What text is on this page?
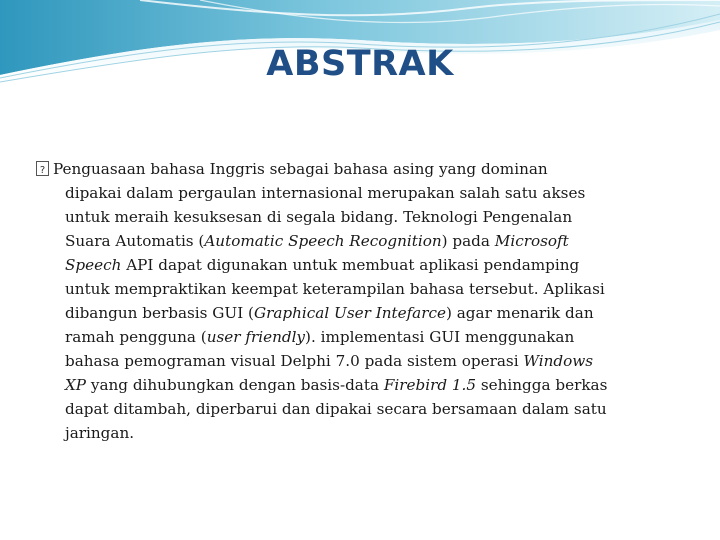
ABSTRAK
?Penguasaan bahasa Inggris sebagai bahasa asing yang dominan
dipakai dalam pergaulan internasional merupakan salah satu akses
untuk meraih kesuksesan di segala bidang. Teknologi Pengenalan
Suara Automatis (Automatic Speech Recognition) pada Microsoft
Speech API dapat digunakan untuk membuat aplikasi pendamping
untuk mempraktikan keempat keterampilan bahasa tersebut. Aplikasi
dibangun berbasis GUI (Graphical User Intefarce) agar menarik dan
ramah pengguna (user friendly). implementasi GUI menggunakan
bahasa pemograman visual Delphi 7.0 pada sistem operasi Windows
XP yang dihubungkan dengan basis-data Firebird 1.5 sehingga berkas
dapat ditambah, diperbarui dan dipakai secara bersamaan dalam satu
jaringan.
